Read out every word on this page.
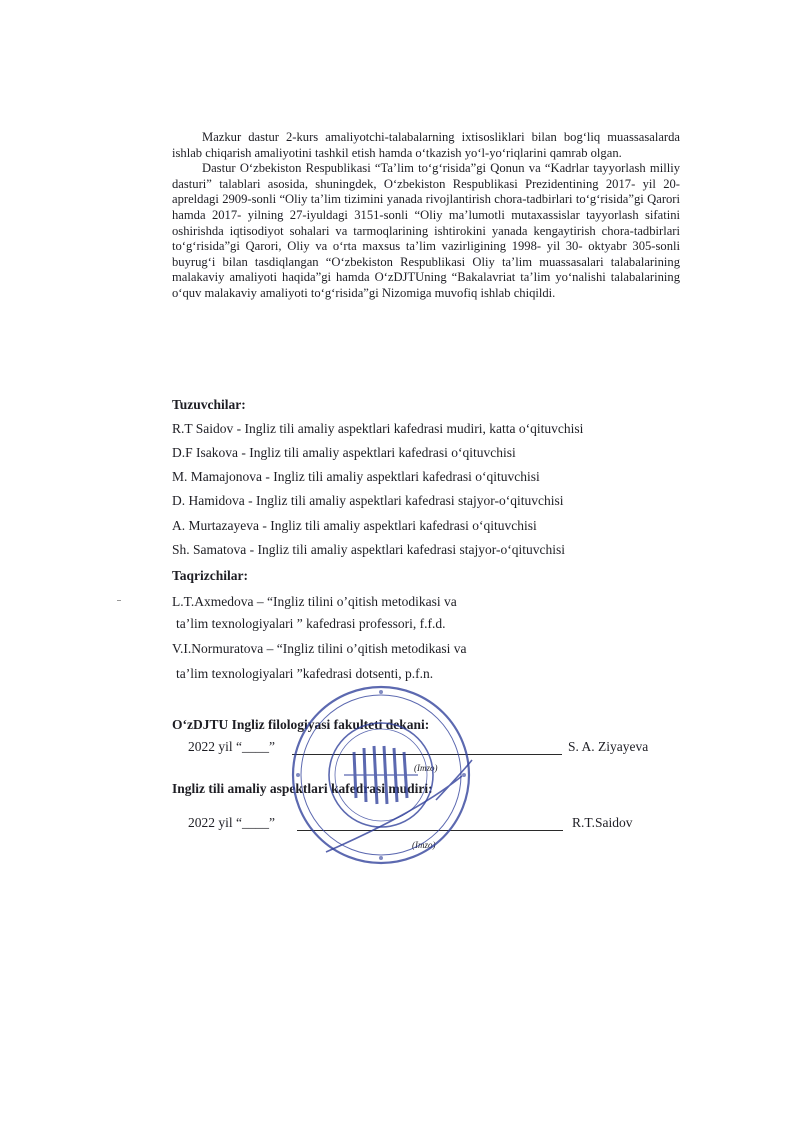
Mazkur dastur 2-kurs amaliyotchi-talabalarning ixtisosliklari bilan bog‘liq muassasalarda ishlab chiqarish amaliyotini tashkil etish hamda o‘tkazish yo‘l-yo‘riqlarini qamrab olgan.

Dastur O‘zbekiston Respublikasi “Ta’lim to‘g‘risida”gi Qonun va “Kadrlar tayyorlash milliy dasturi” talablari asosida, shuningdek, O‘zbekiston Respublikasi Prezidentining 2017- yil 20- apreldagi 2909-sonli “Oliy ta’lim tizimini yanada rivojlantirish chora-tadbirlari to‘g‘risida”gi Qarori hamda 2017- yilning 27-iyuldagi 3151-sonli “Oliy ma’lumotli mutaxassislar tayyorlash sifatini oshirishda iqtisodiyot sohalari va tarmoqlarining ishtirokini yanada kengaytirish chora-tadbirlari to‘g‘risida”gi Qarori, Oliy va o‘rta maxsus ta’lim vazirligining 1998- yil 30- oktyabr 305-sonli buyrug‘i bilan tasdiqlangan “O‘zbekiston Respublikasi Oliy ta’lim muassasalari talabalarining malakaviy amaliyoti haqida”gi hamda O‘zDJTUning “Bakalavriat ta’lim yo‘nalishi talabalarining o‘quv malakaviy amaliyoti to‘g‘risida”gi Nizomiga muvofiq ishlab chiqildi.

Tuzuvchilar:
R.T Saidov - Ingliz tili amaliy aspektlari kafedrasi mudiri, katta o‘qituvchisi
D.F Isakova - Ingliz tili amaliy aspektlari kafedrasi o‘qituvchisi
M. Mamajonova - Ingliz tili amaliy aspektlari kafedrasi o‘qituvchisi
D. Hamidova - Ingliz tili amaliy aspektlari kafedrasi stajyor-o‘qituvchisi
A. Murtazayeva - Ingliz tili amaliy aspektlari kafedrasi o‘qituvchisi
Sh. Samatova - Ingliz tili amaliy aspektlari kafedrasi stajyor-o‘qituvchisi
Taqrizchilar:
L.T.Axmedova – “Ingliz tilini o’qitish metodikasi va
ta’lim texnologiyalari ” kafedrasi professori, f.f.d.
V.I.Normuratova – “Ingliz tilini o’qitish metodikasi va
ta’lim texnologiyalari ”kafedrasi dotsenti, p.f.n.
O‘zDJTU Ingliz filologiyasi fakulteti dekani:
2022 yil “____”	S. A. Ziyayeva
(Imzo)
Ingliz tili amaliy aspektlari kafedrasi mudiri:
2022 yil “____”	R.T.Saidov
(Imzo)
